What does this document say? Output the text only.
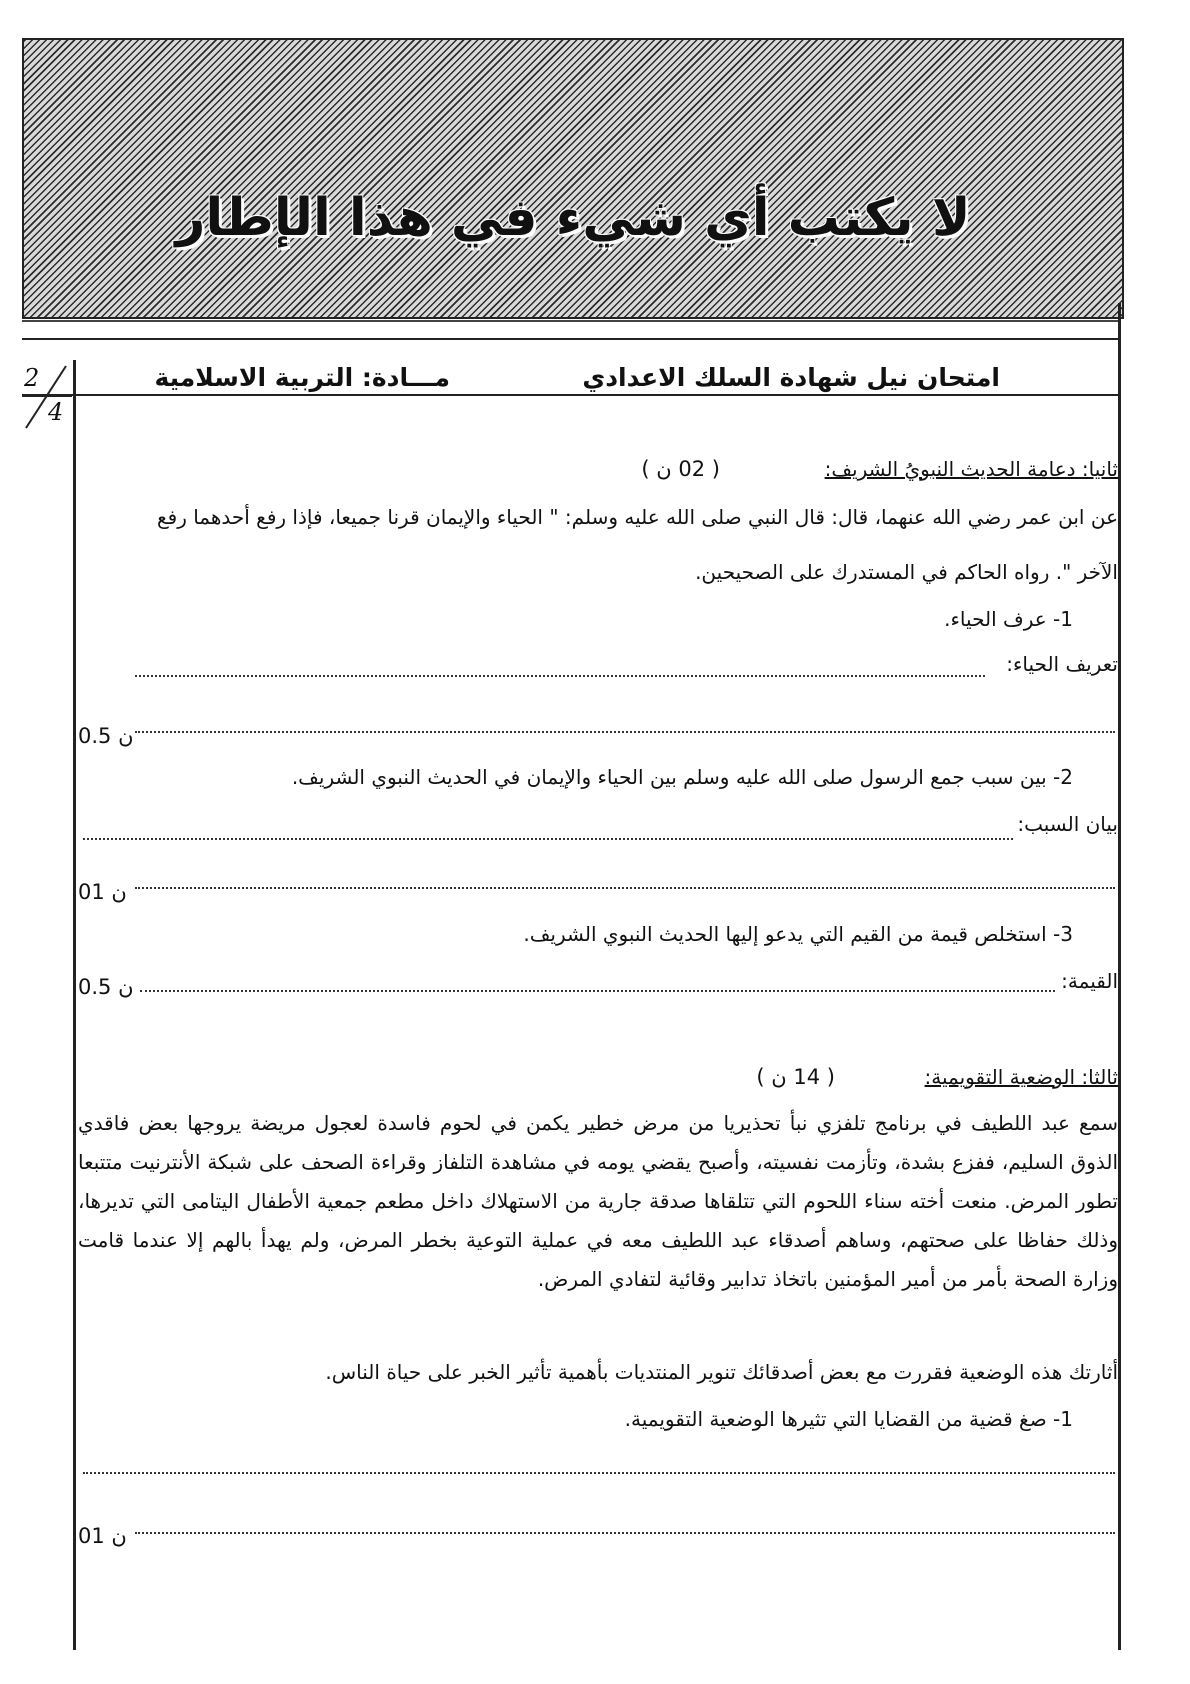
لا يكتب أي شيء في هذا الإطار
2
4
امتحان نيل شهادة السلك الاعدادي
مـــادة: التربية الاسلامية
ثانيا: دعامة الحديث النبويُ الشريف:
( 02 ن )
عن ابن عمر رضي الله عنهما، قال: قال النبي صلى الله عليه وسلم: " الحياء والإيمان قرنا جميعا، فإذا رفع أحدهما رفع
الآخر ". رواه الحاكم في المستدرك على الصحيحين.
1- عرف الحياء.
تعريف الحياء:
0.5 ن
2- بين سبب جمع الرسول صلى الله عليه وسلم بين الحياء والإيمان في الحديث النبوي الشريف.
بيان السبب:
01 ن
3- استخلص قيمة من القيم التي يدعو إليها الحديث النبوي الشريف.
القيمة:
0.5 ن
ثالثا: الوضعية التقويمية:
( 14 ن )
سمع عبد اللطيف في برنامج تلفزي نبأ تحذيريا من مرض خطير يكمن في لحوم فاسدة لعجول مريضة يروجها بعض فاقدي الذوق السليم، ففزع بشدة، وتأزمت نفسيته، وأصبح يقضي يومه في مشاهدة التلفاز وقراءة الصحف على شبكة الأنترنيت متتبعا تطور المرض. منعت أخته سناء اللحوم التي تتلقاها صدقة جارية من الاستهلاك داخل مطعم جمعية الأطفال اليتامى التي تديرها، وذلك حفاظا على صحتهم، وساهم أصدقاء عبد اللطيف معه في عملية التوعية بخطر المرض، ولم يهدأ بالهم إلا عندما قامت وزارة الصحة بأمر من أمير المؤمنين باتخاذ تدابير وقائية لتفادي المرض.
أثارتك هذه الوضعية فقررت مع بعض أصدقائك تنوير المنتديات بأهمية تأثير الخبر على حياة الناس.
1- صغ قضية من القضايا التي تثيرها الوضعية التقويمية.
01 ن
